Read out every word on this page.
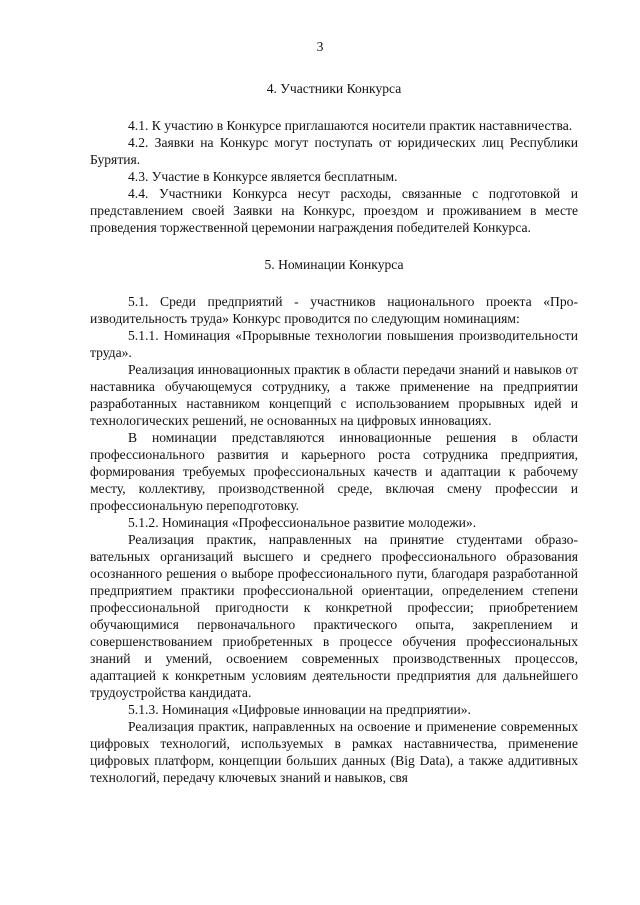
3

4. Участники Конкурса

4.1. К участию в Конкурсе приглашаются носители практик наставничества.

4.2. Заявки на Конкурс могут поступать от юридических лиц Республики Бурятия.

4.3. Участие в Конкурсе является бесплатным.

4.4. Участники Конкурса несут расходы, связанные с подготовкой и представлением своей Заявки на Конкурс, проездом и проживанием в месте проведения торжественной церемонии награждения победителей Конкурса.

5. Номинации Конкурса

5.1. Среди предприятий - участников национального проекта «Производительность труда» Конкурс проводится по следующим номинациям:

5.1.1. Номинация «Прорывные технологии повышения производительности труда».

Реализация инновационных практик в области передачи знаний и навыков от наставника обучающемуся сотруднику, а также применение на предприятии разработанных наставником концепций с использованием прорывных идей и технологических решений, не основанных на цифровых инновациях.

В номинации представляются инновационные решения в области профессионального развития и карьерного роста сотрудника предприятия, формирования требуемых профессиональных качеств и адаптации к рабочему месту, коллективу, производственной среде, включая смену профессии и профессиональную переподготовку.

5.1.2. Номинация «Профессиональное развитие молодежи».

Реализация практик, направленных на принятие студентами образовательных организаций высшего и среднего профессионального образования осознанного решения о выборе профессионального пути, благодаря разработанной предприятием практики профессиональной ориентации, определением степени профессиональной пригодности к конкретной профессии; приобретением обучающимися первоначального практического опыта, закреплением и совершенствованием приобретенных в процессе обучения профессиональных знаний и умений, освоением современных производственных процессов, адаптацией к конкретным условиям деятельности предприятия для дальнейшего трудоустройства кандидата.

5.1.3. Номинация «Цифровые инновации на предприятии».

Реализация практик, направленных на освоение и применение современных цифровых технологий, используемых в рамках наставничества, применение цифровых платформ, концепции больших данных (Big Data), а также аддитивных технологий, передачу ключевых знаний и навыков, свя
